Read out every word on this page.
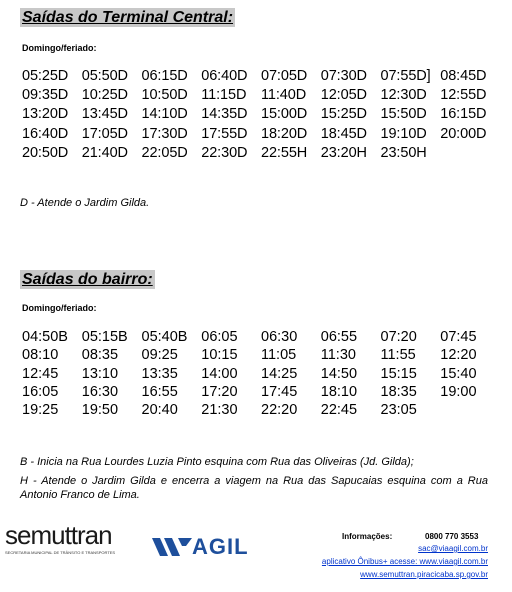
Saídas do Terminal Central:
Domingo/feriado:
05:25D 05:50D 06:15D 06:40D 07:05D 07:30D 07:55D] 08:45D
09:35D 10:25D 10:50D 11:15D	11:40D	12:05D 12:30D 12:55D
13:20D 13:45D 14:10D 14:35D 15:00D 15:25D 15:50D 16:15D
16:40D 17:05D 17:30D 17:55D 18:20D 18:45D 19:10D 20:00D
20:50D 21:40D 22:05D 22:30D 22:55H 23:20H 23:50H
D - Atende o Jardim Gilda.
Saídas do bairro:
Domingo/feriado:
04:50B 05:15B 05:40B 06:05	06:30	06:55	07:20	07:45
08:10	08:35	09:25	10:15	11:05	11:30	11:55	12:20
12:45	13:10	13:35	14:00	14:25	14:50	15:15	15:40
16:05	16:30	16:55	17:20	17:45	18:10	18:35	19:00
19:25	19:50	20:40	21:30	22:20	22:45	23:05
B - Inicia na Rua Lourdes Luzia Pinto esquina com Rua das Oliveiras (Jd. Gilda);
H - Atende o Jardim Gilda e encerra a viagem na Rua das Sapucaias esquina com a Rua Antonio Franco de Lima.
semuttran
SECRETARIA MUNICIPAL DE TRÂNSITO E TRANSPORTES	AGIL	Informações:	0800 770 3553
sac@viaagil.com.br
aplicativo Ônibus+ acesse: www.viaagil.com.br
www.semuttran.piracicaba.sp.gov.br
